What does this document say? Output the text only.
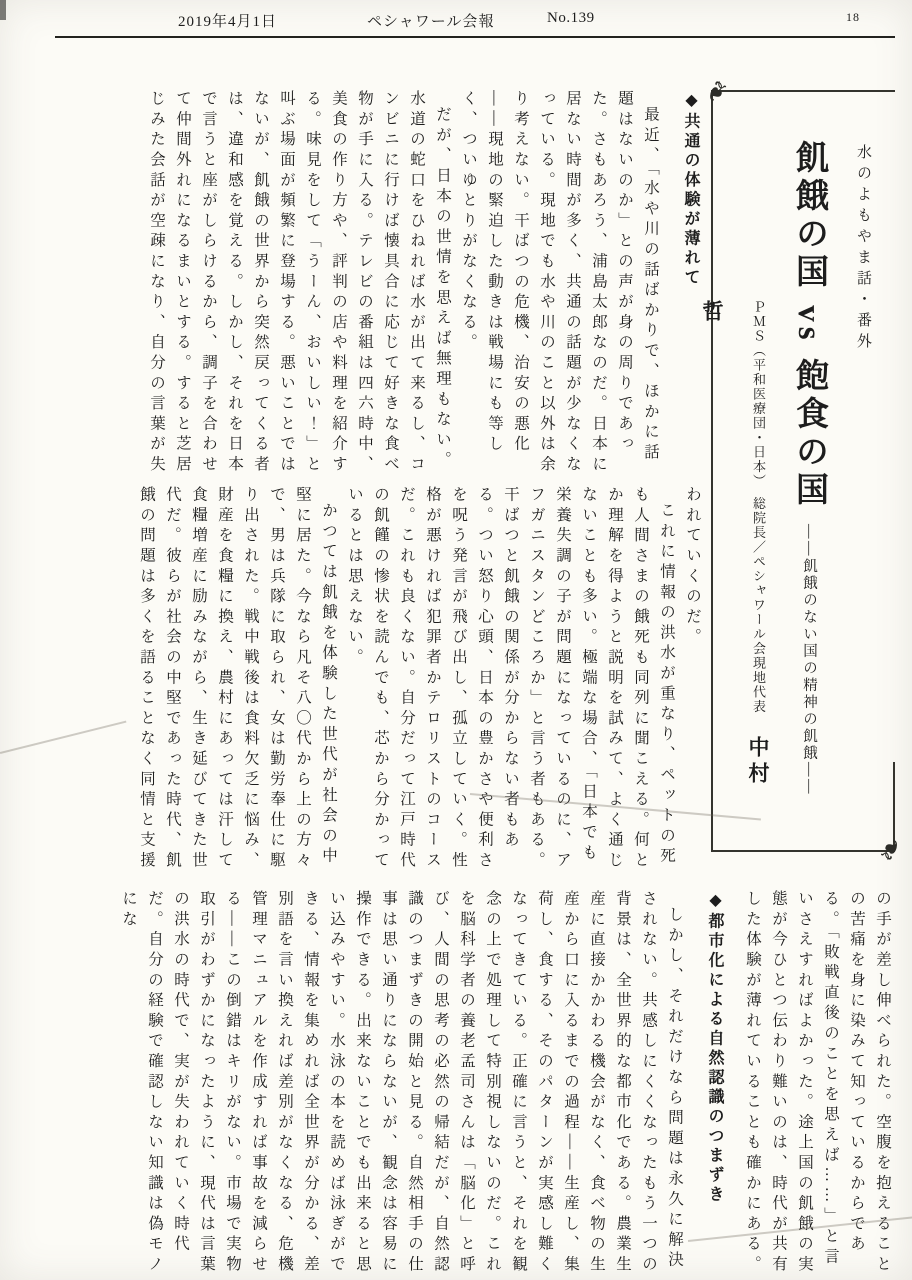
2019年4月1日	ペシャワール会報	No.139	18
◆共通の体験が薄れて

最近、「水や川の話ばかりで、ほかに話題はないのか」との声が身の周りであった。さもあろう、浦島太郎なのだ。日本に居ない時間が多く、共通の話題が少なくなっている。現地でも水や川のこと以外は余り考えない。干ばつの危機、治安の悪化――現地の緊迫した動きは戦場にも等しく、ついゆとりがなくなる。

だが、日本の世情を思えば無理もない。水道の蛇口をひねれば水が出て来るし、コンビニに行けば懐具合に応じて好きな食べ物が手に入る。テレビの番組は四六時中、美食の作り方や、評判の店や料理を紹介する。味見をして「うーん、おいしい！」と叫ぶ場面が頻繁に登場する。悪いことではないが、飢餓の世界から突然戻ってくる者は、違和感を覚える。しかし、それを日本で言うと座がしらけるから、調子を合わせて仲間外れになるまいとする。すると芝居じみた会話が空疎になり、自分の言葉が失

われていくのだ。

これに情報の洪水が重なり、ペットの死も人間さまの餓死も同列に聞こえる。何とか理解を得ようと説明を試みて、よく通じないことも多い。極端な場合、「日本でも栄養失調の子が問題になっているのに、アフガニスタンどころか」と言う者もある。干ばつと飢餓の関係が分からない者もある。つい怒り心頭、日本の豊かさや便利さを呪う発言が飛び出し、孤立していく。性格が悪ければ犯罪者かテロリストのコースだ。これも良くない。自分だって江戸時代の飢饉の惨状を読んでも、芯から分かっているとは思えない。

かつては飢餓を体験した世代が社会の中堅に居た。今なら凡そ八〇代から上の方々で、男は兵隊に取られ、女は勤労奉仕に駆り出された。戦中戦後は食料欠乏に悩み、財産を食糧に換え、農村にあっては汗して食糧増産に励みながら、生き延びてきた世代だ。彼らが社会の中堅であった時代、飢餓の問題は多くを語ることなく同情と支援

❧
❧
水のよもやま話・番外
飢餓の国 vs 飽食の国 ――飢餓のない国の精神の飢餓――
ＰＭＳ（平和医療団・日本）　総院長／ペシャワール会現地代表 中村　哲

の手が差し伸べられた。空腹を抱えることの苦痛を身に染みて知っているからである。「敗戦直後のことを思えば……」と言いさえすればよかった。途上国の飢餓の実態が今ひとつ伝わり難いのは、時代が共有した体験が薄れていることも確かにある。

◆都市化による自然認識のつまずき

しかし、それだけなら問題は永久に解決されない。共感しにくくなったもう一つの背景は、全世界的な都市化である。農業生産に直接かかわる機会がなく、食べ物の生産から口に入るまでの過程――生産し、集荷し、食する、そのパターンが実感し難くなってきている。正確に言うと、それを観念の上で処理して特別視しないのだ。これを脳科学者の養老孟司さんは「脳化」と呼び、人間の思考の必然の帰結だが、自然認識のつまずきの開始と見る。自然相手の仕事は思い通りにならないが、観念は容易に操作できる。出来ないことでも出来ると思い込みやすい。水泳の本を読めば泳ぎができる、情報を集めれば全世界が分かる、差別語を言い換えれば差別がなくなる、危機管理マニュアルを作成すれば事故を減らせる――この倒錯はキリがない。市場で実物取引がわずかになったように、現代は言葉の洪水の時代で、実が失われていく時代だ。自分の経験で確認しない知識は偽モノにな
